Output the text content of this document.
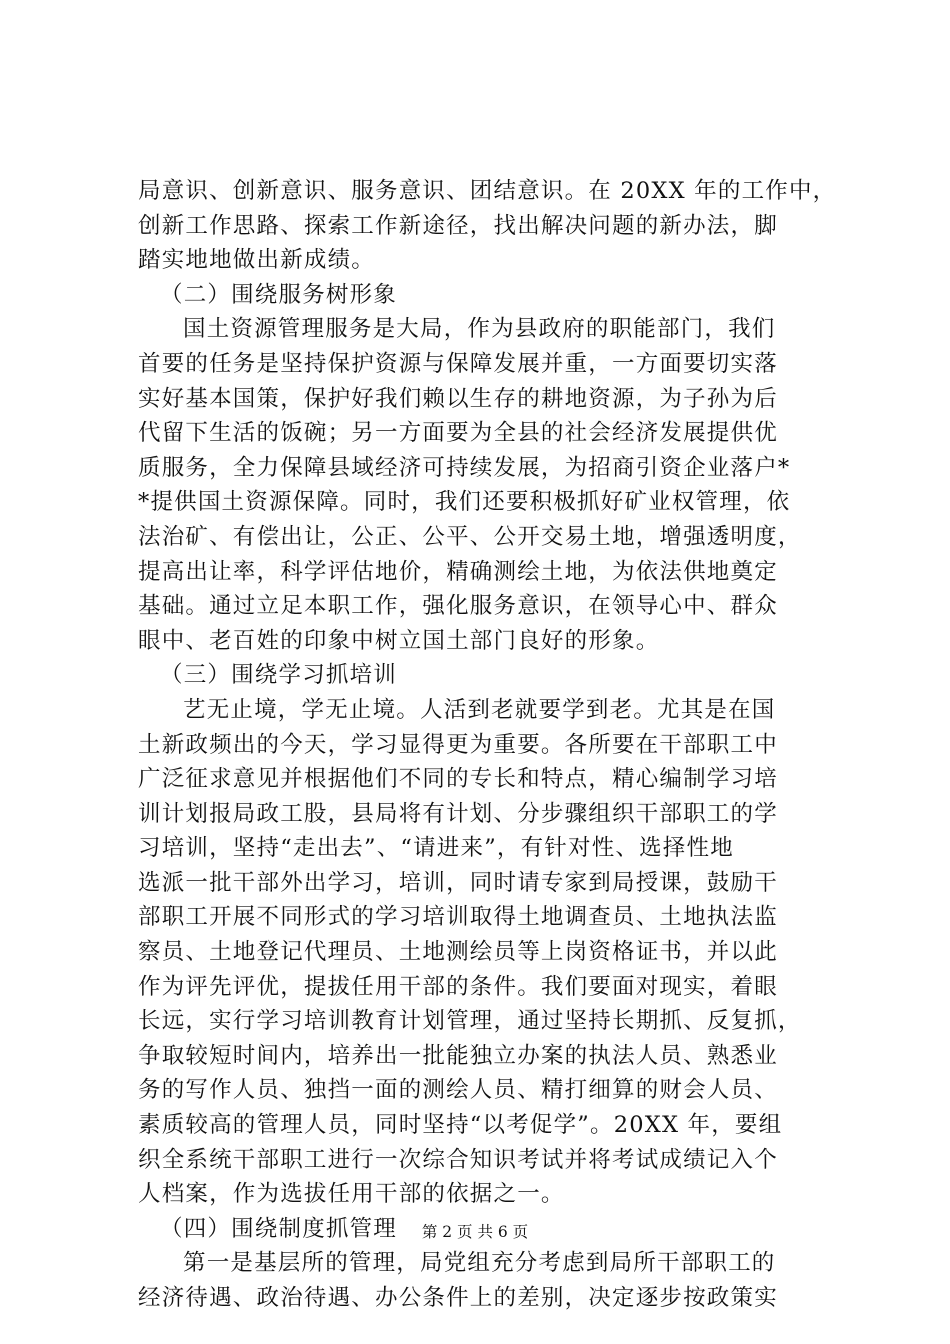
局意识、创新意识、服务意识、团结意识。在 20XX 年的工作中，
创新工作思路、探索工作新途径，找出解决问题的新办法，脚
踏实地地做出新成绩。
（二）围绕服务树形象
国土资源管理服务是大局，作为县政府的职能部门，我们
首要的任务是坚持保护资源与保障发展并重，一方面要切实落
实好基本国策，保护好我们赖以生存的耕地资源，为子孙为后
代留下生活的饭碗；另一方面要为全县的社会经济发展提供优
质服务，全力保障县域经济可持续发展，为招商引资企业落户*
*提供国土资源保障。同时，我们还要积极抓好矿业权管理，依
法治矿、有偿出让，公正、公平、公开交易土地，增强透明度，
提高出让率，科学评估地价，精确测绘土地，为依法供地奠定
基础。通过立足本职工作，强化服务意识，在领导心中、群众
眼中、老百姓的印象中树立国土部门良好的形象。
（三）围绕学习抓培训
艺无止境，学无止境。人活到老就要学到老。尤其是在国
土新政频出的今天，学习显得更为重要。各所要在干部职工中
广泛征求意见并根据他们不同的专长和特点，精心编制学习培
训计划报局政工股，县局将有计划、分步骤组织干部职工的学
习培训，坚持“走出去”、“请进来”，有针对性、选择性地
选派一批干部外出学习，培训，同时请专家到局授课，鼓励干
部职工开展不同形式的学习培训取得土地调查员、土地执法监
察员、土地登记代理员、土地测绘员等上岗资格证书，并以此
作为评先评优，提拔任用干部的条件。我们要面对现实，着眼
长远，实行学习培训教育计划管理，通过坚持长期抓、反复抓，
争取较短时间内，培养出一批能独立办案的执法人员、熟悉业
务的写作人员、独挡一面的测绘人员、精打细算的财会人员、
素质较高的管理人员，同时坚持“以考促学”。20XX 年，要组
织全系统干部职工进行一次综合知识考试并将考试成绩记入个
人档案，作为选拔任用干部的依据之一。
（四）围绕制度抓管理
第一是基层所的管理，局党组充分考虑到局所干部职工的
经济待遇、政治待遇、办公条件上的差别，决定逐步按政策实
第 2 页 共 6 页
